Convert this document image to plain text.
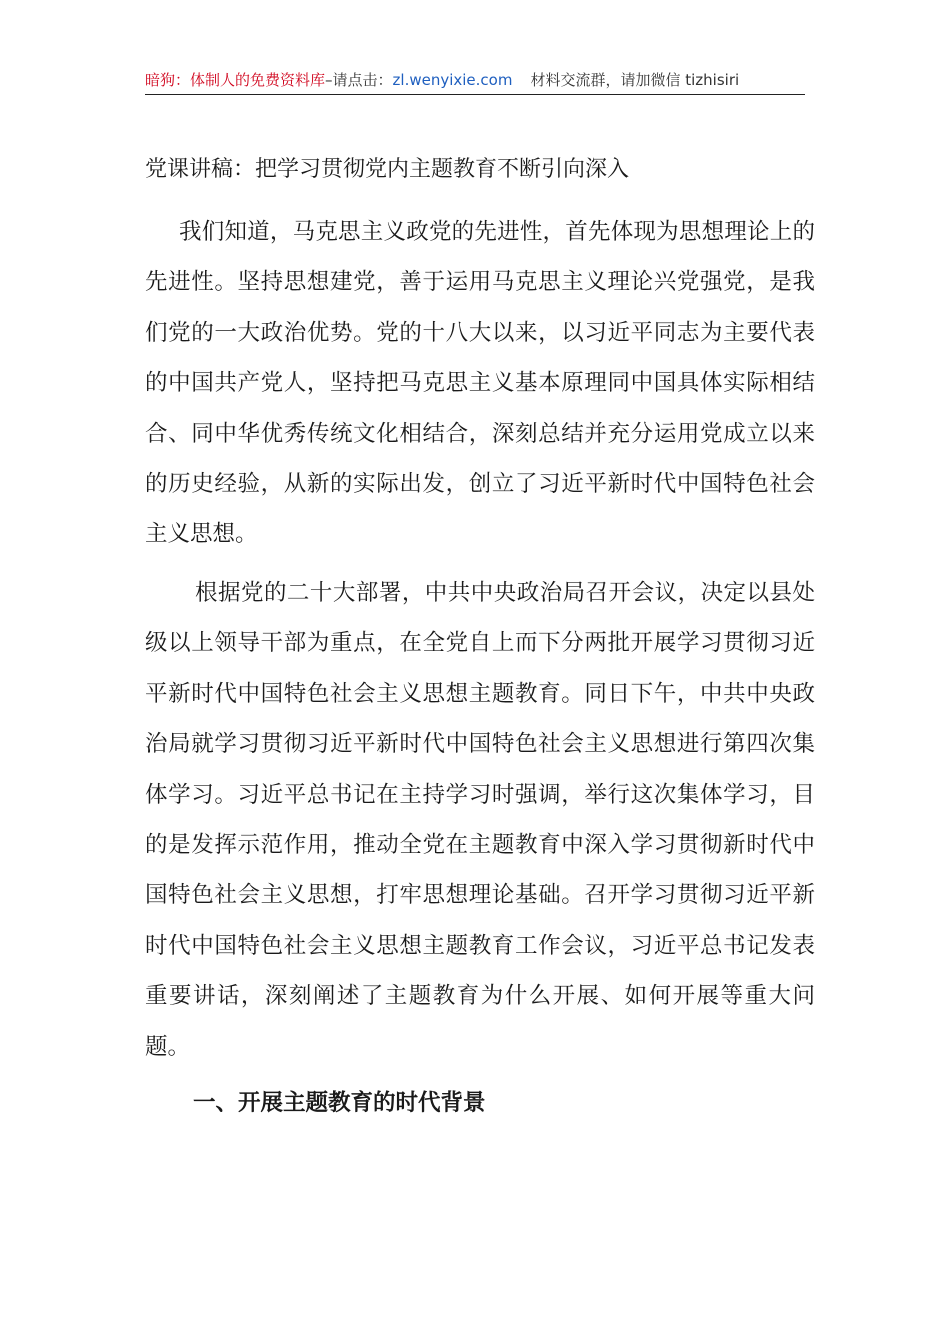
暗狗：体制人的免费资料库–请点击：zl.wenyixie.com 材料交流群，请加微信 tizhisiri
党课讲稿：把学习贯彻党内主题教育不断引向深入

我们知道，马克思主义政党的先进性，首先体现为思想理论上的先进性。坚持思想建党，善于运用马克思主义理论兴党强党，是我们党的一大政治优势。党的十八大以来，以习近平同志为主要代表的中国共产党人，坚持把马克思主义基本原理同中国具体实际相结合、同中华优秀传统文化相结合，深刻总结并充分运用党成立以来的历史经验，从新的实际出发，创立了习近平新时代中国特色社会主义思想。

根据党的二十大部署，中共中央政治局召开会议，决定以县处级以上领导干部为重点，在全党自上而下分两批开展学习贯彻习近平新时代中国特色社会主义思想主题教育。同日下午，中共中央政治局就学习贯彻习近平新时代中国特色社会主义思想进行第四次集体学习。习近平总书记在主持学习时强调，举行这次集体学习，目的是发挥示范作用，推动全党在主题教育中深入学习贯彻新时代中国特色社会主义思想，打牢思想理论基础。召开学习贯彻习近平新时代中国特色社会主义思想主题教育工作会议，习近平总书记发表重要讲话，深刻阐述了主题教育为什么开展、如何开展等重大问题。

一、开展主题教育的时代背景
